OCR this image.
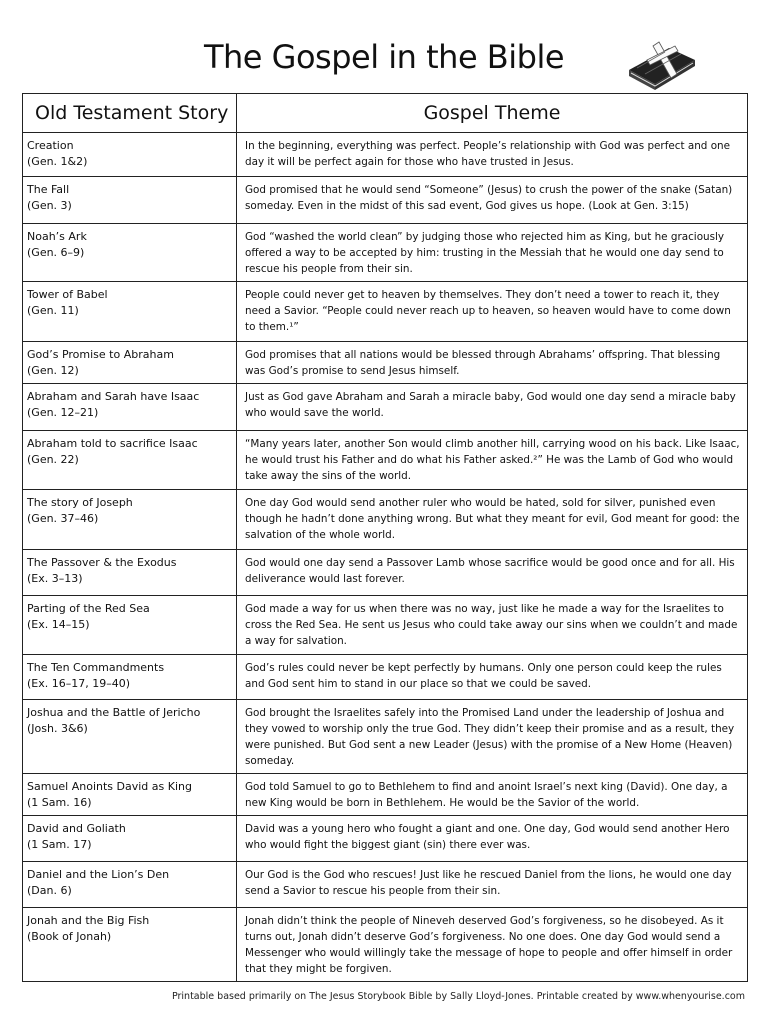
The Gospel in the Bible
Old Testament Story	Gospel Theme

Creation
(Gen. 1&2)	In the beginning, everything was perfect. People’s relationship with God was perfect and one day it will be perfect again for those who have trusted in Jesus.

The Fall
(Gen. 3)	God promised that he would send “Someone” (Jesus) to crush the power of the snake (Satan) someday. Even in the midst of this sad event, God gives us hope. (Look at Gen. 3:15)

Noah’s Ark
(Gen. 6–9)	God “washed the world clean” by judging those who rejected him as King, but he graciously offered a way to be accepted by him: trusting in the Messiah that he would one day send to rescue his people from their sin.

Tower of Babel
(Gen. 11)	People could never get to heaven by themselves. They don’t need a tower to reach it, they need a Savior. “People could never reach up to heaven, so heaven would have to come down to them.¹”

God’s Promise to Abraham
(Gen. 12)	God promises that all nations would be blessed through Abrahams’ offspring. That blessing was God’s promise to send Jesus himself.

Abraham and Sarah have Isaac
(Gen. 12–21)	Just as God gave Abraham and Sarah a miracle baby, God would one day send a miracle baby who would save the world.

Abraham told to sacrifice Isaac
(Gen. 22)	“Many years later, another Son would climb another hill, carrying wood on his back. Like Isaac, he would trust his Father and do what his Father asked.²” He was the Lamb of God who would take away the sins of the world.

The story of Joseph
(Gen. 37–46)	One day God would send another ruler who would be hated, sold for silver, punished even though he hadn’t done anything wrong. But what they meant for evil, God meant for good: the salvation of the whole world.

The Passover & the Exodus
(Ex. 3–13)	God would one day send a Passover Lamb whose sacrifice would be good once and for all. His deliverance would last forever.

Parting of the Red Sea
(Ex. 14–15)	God made a way for us when there was no way, just like he made a way for the Israelites to cross the Red Sea. He sent us Jesus who could take away our sins when we couldn’t and made a way for salvation.

The Ten Commandments
(Ex. 16–17, 19–40)	God’s rules could never be kept perfectly by humans. Only one person could keep the rules and God sent him to stand in our place so that we could be saved.

Joshua and the Battle of Jericho
(Josh. 3&6)	God brought the Israelites safely into the Promised Land under the leadership of Joshua and they vowed to worship only the true God. They didn’t keep their promise and as a result, they were punished. But God sent a new Leader (Jesus) with the promise of a New Home (Heaven) someday.

Samuel Anoints David as King
(1 Sam. 16)	God told Samuel to go to Bethlehem to find and anoint Israel’s next king (David). One day, a new King would be born in Bethlehem. He would be the Savior of the world.

David and Goliath
(1 Sam. 17)	David was a young hero who fought a giant and one. One day, God would send another Hero who would fight the biggest giant (sin) there ever was.

Daniel and the Lion’s Den
(Dan. 6)	Our God is the God who rescues! Just like he rescued Daniel from the lions, he would one day send a Savior to rescue his people from their sin.

Jonah and the Big Fish
(Book of Jonah)	Jonah didn’t think the people of Nineveh deserved God’s forgiveness, so he disobeyed. As it turns out, Jonah didn’t deserve God’s forgiveness. No one does. One day God would send a Messenger who would willingly take the message of hope to people and offer himself in order that they might be forgiven.
Printable based primarily on The Jesus Storybook Bible by Sally Lloyd-Jones. Printable created by www.whenyourise.com
